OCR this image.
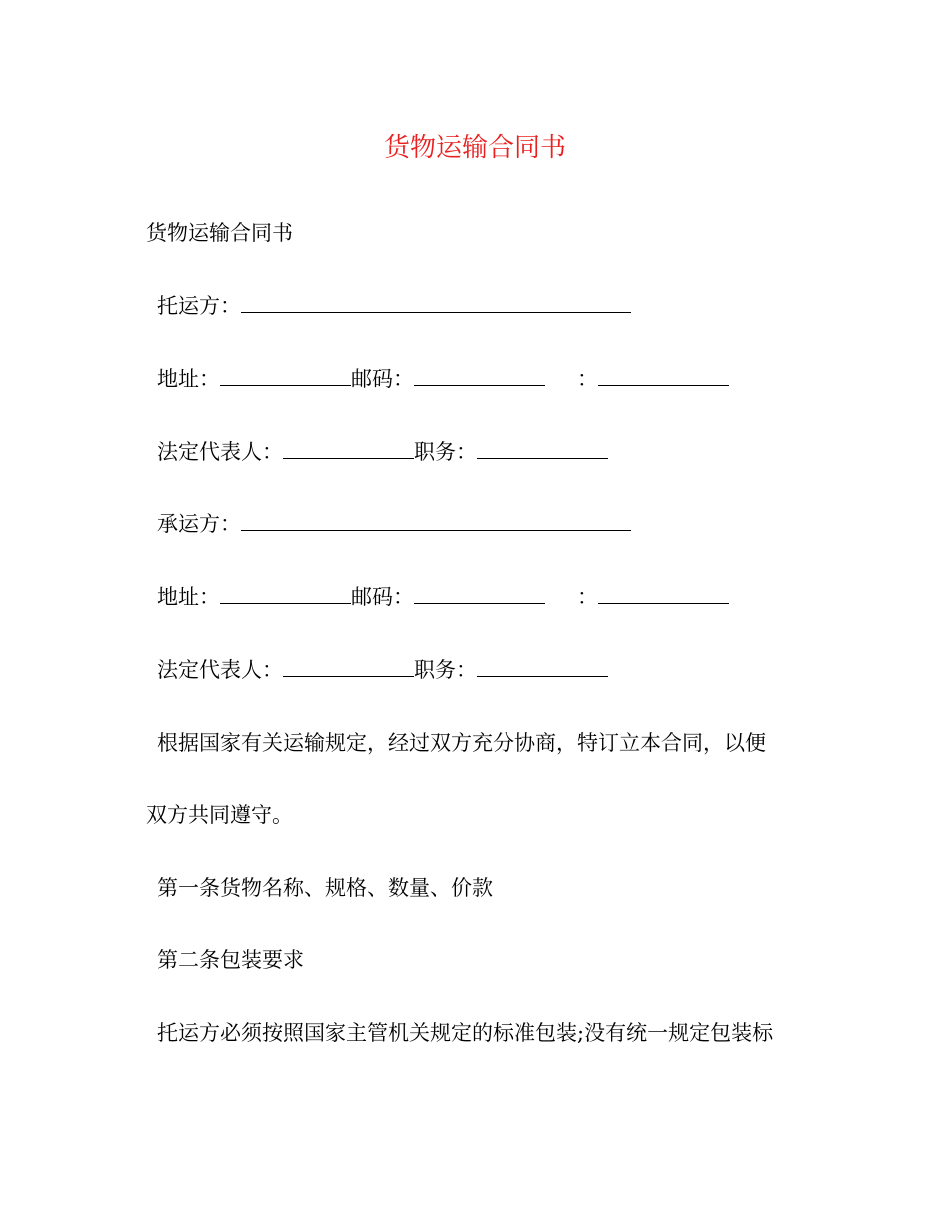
货物运输合同书
货物运输合同书
托运方：
地址：	邮码：	：
法定代表人：	职务：
承运方：
地址：	邮码：	：
法定代表人：	职务：
根据国家有关运输规定，经过双方充分协商，特订立本合同，以便
双方共同遵守。
第一条货物名称、规格、数量、价款
第二条包装要求
托运方必须按照国家主管机关规定的标准包装;没有统一规定包装标
